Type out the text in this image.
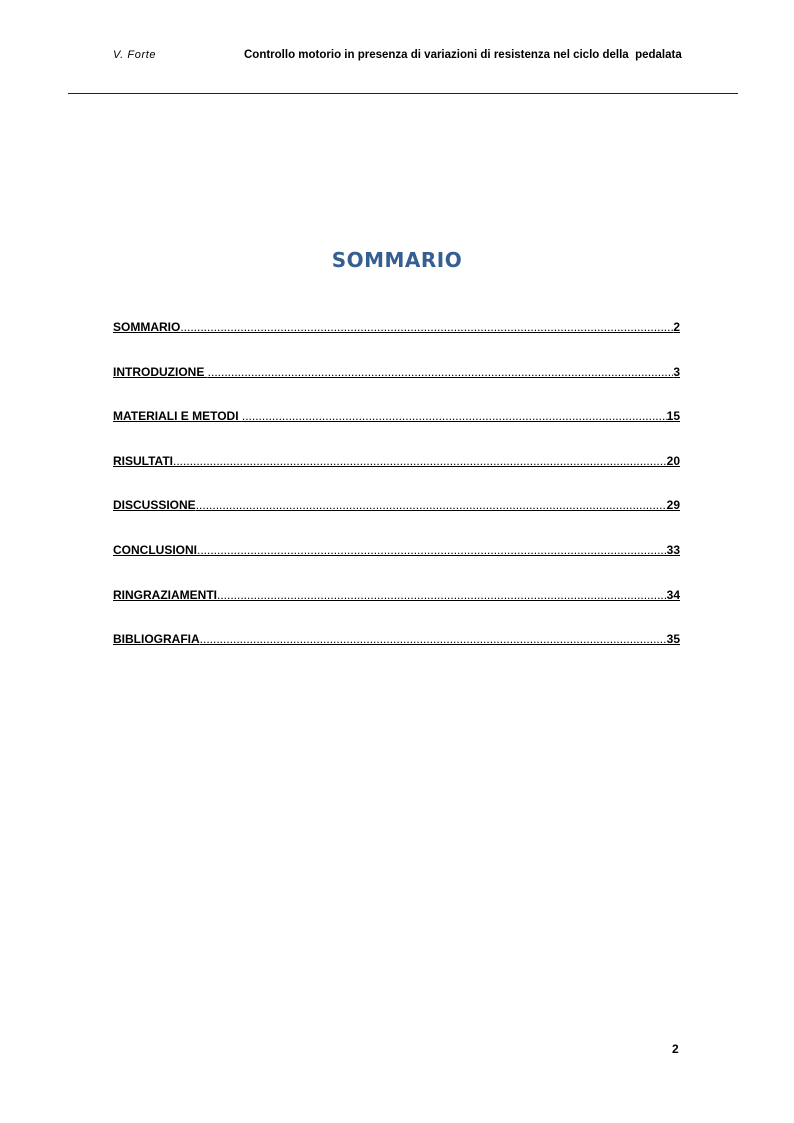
V. Forte	Controllo motorio in presenza di variazioni di resistenza nel ciclo della  pedalata
SOMMARIO
SOMMARIO .....	2
INTRODUZIONE .....	3
MATERIALI E METODI .....	15
RISULTATI .....	20
DISCUSSIONE .....	29
CONCLUSIONI .....	33
RINGRAZIAMENTI .....	34
BIBLIOGRAFIA .....	35
2
